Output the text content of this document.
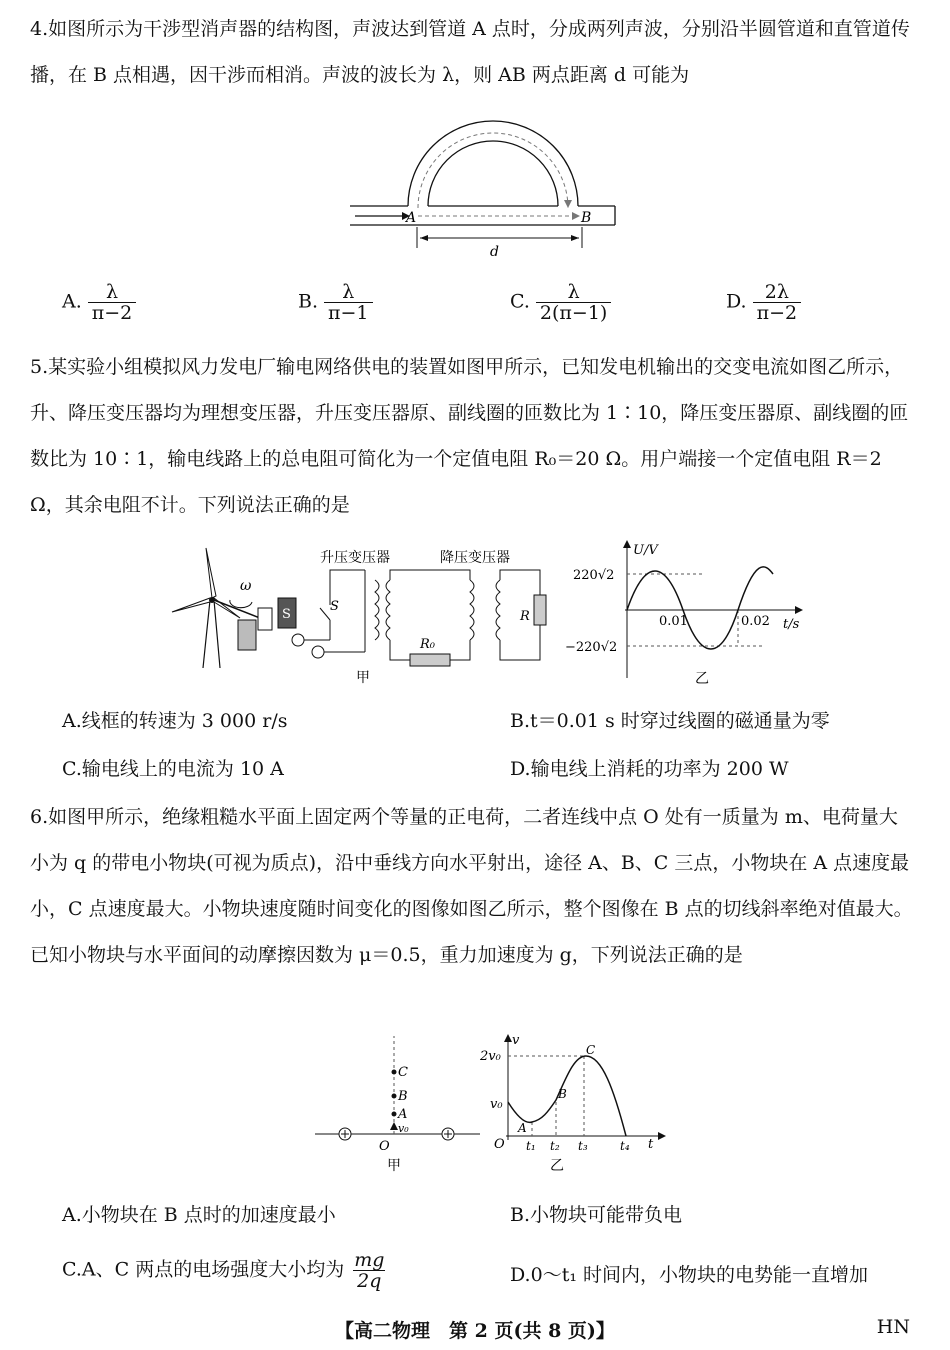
4.如图所示为干涉型消声器的结构图，声波达到管道 A 点时，分成两列声波，分别沿半圆管道和直管道传播，在 B 点相遇，因干涉而相消。声波的波长为 λ，则 AB 两点距离 d 可能为
A	B
d
A. $\frac{\lambda}{\pi-2}$	B. $\frac{\lambda}{\pi-1}$	C. $\frac{\lambda}{2(\pi-1)}$	D. $\frac{2\lambda}{\pi-2}$
5.某实验小组模拟风力发电厂输电网络供电的装置如图甲所示，已知发电机输出的交变电流如图乙所示，升、降压变压器均为理想变压器，升压变压器原、副线圈的匝数比为 1∶10，降压变压器原、副线圈的匝数比为 10∶1，输电线路上的总电阻可简化为一个定值电阻 R₀＝20 Ω。用户端接一个定值电阻 R＝2 Ω，其余电阻不计。下列说法正确的是
ω
S
S
R₀
R
升压变压器	降压变压器
甲
U/V
t/s
220√2
−220√2
0.01	0.02
乙
A.线框的转速为 3 000 r/s	B.t＝0.01 s 时穿过线圈的磁通量为零
C.输电线上的电流为 10 A	D.输电线上消耗的功率为 200 W
6.如图甲所示，绝缘粗糙水平面上固定两个等量的正电荷，二者连线中点 O 处有一质量为 m、电荷量大小为 q 的带电小物块(可视为质点)，沿中垂线方向水平射出，途径 A、B、C 三点，小物块在 A 点速度最小，C 点速度最大。小物块速度随时间变化的图像如图乙所示，整个图像在 B 点的切线斜率绝对值最大。已知小物块与水平面间的动摩擦因数为 μ＝0.5，重力加速度为 g，下列说法正确的是
C
B
A
v₀
O
甲
v
t
O
2v₀
v₀
A
B
C
t₁ t₂ t₃	t₄
乙
A.小物块在 B 点时的加速度最小	B.小物块可能带负电
C.A、C 两点的电场强度大小均为 $\frac{mg}{2q}$	D.0～t₁ 时间内，小物块的电势能一直增加
【高二物理　第 2 页(共 8 页)】	HN
